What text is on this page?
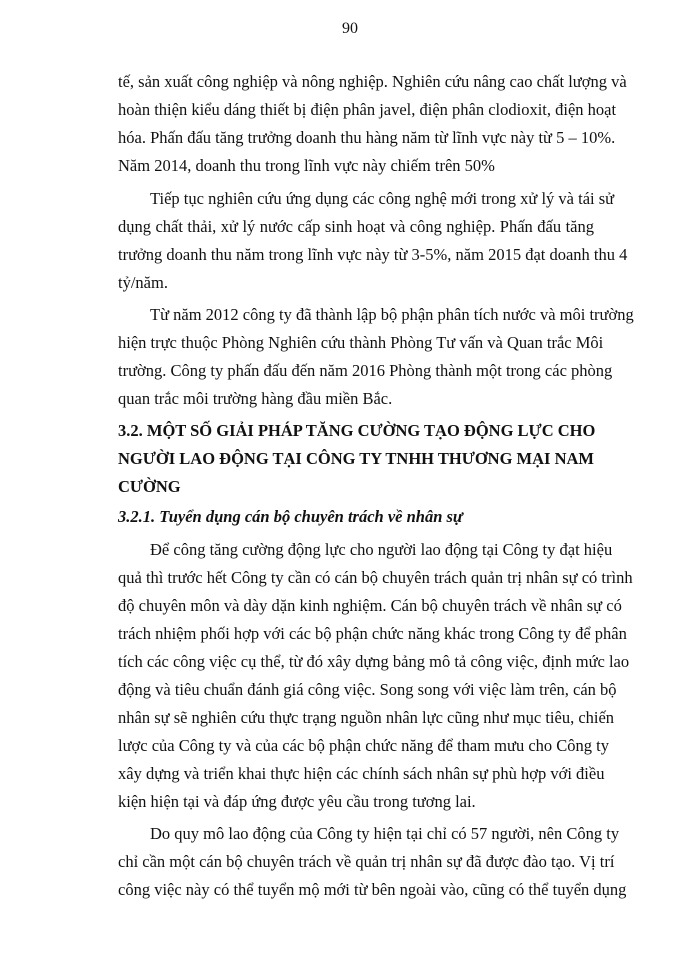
90
tế, sản xuất công nghiệp và nông nghiệp. Nghiên cứu nâng cao chất lượng và
hoàn thiện kiểu dáng thiết bị điện phân javel, điện phân clodioxit, điện hoạt
hóa. Phấn đấu tăng trưởng doanh thu hàng năm từ lĩnh vực này từ 5 – 10%.
Năm 2014, doanh thu trong lĩnh vực này chiếm trên 50%
Tiếp tục nghiên cứu ứng dụng các công nghệ mới trong xử lý và tái sử
dụng chất thải, xử lý nước cấp sinh hoạt và công nghiệp. Phấn đấu tăng
trưởng doanh thu năm trong lĩnh vực này từ 3-5%, năm 2015 đạt doanh thu 4
tỷ/năm.
Từ năm 2012 công ty đã thành lập bộ phận phân tích nước và môi trường
hiện trực thuộc Phòng Nghiên cứu thành Phòng Tư vấn và Quan trắc Môi
trường. Công ty phấn đấu đến năm 2016 Phòng thành một trong các phòng
quan trắc môi trường hàng đầu miền Bắc.
3.2. MỘT SỐ GIẢI PHÁP TĂNG CƯỜNG TẠO ĐỘNG LỰC CHO
NGƯỜI LAO ĐỘNG TẠI CÔNG TY TNHH THƯƠNG MẠI NAM
CƯỜNG
3.2.1. Tuyển dụng cán bộ chuyên trách về nhân sự
Để công tăng cường động lực cho người lao động tại Công ty đạt hiệu
quả thì trước hết Công ty cần có cán bộ chuyên trách quản trị nhân sự có trình
độ chuyên môn và dày dặn kinh nghiệm. Cán bộ chuyên trách về nhân sự có
trách nhiệm phối hợp với các bộ phận chức năng khác trong Công ty để phân
tích các công việc cụ thể, từ đó xây dựng bảng mô tả công việc, định mức lao
động và tiêu chuẩn đánh giá công việc. Song song với việc làm trên, cán bộ
nhân sự sẽ nghiên cứu thực trạng nguồn nhân lực cũng như mục tiêu, chiến
lược của Công ty và của các bộ phận chức năng để tham mưu cho Công ty
xây dựng và triển khai thực hiện các chính sách nhân sự phù hợp với điều
kiện hiện tại và đáp ứng được yêu cầu trong tương lai.
Do quy mô lao động của Công ty hiện tại chỉ có 57 người, nên Công ty
chỉ cần một cán bộ chuyên trách về quản trị nhân sự đã được đào tạo. Vị trí
công việc này có thể tuyển mộ mới từ bên ngoài vào, cũng có thể tuyển dụng
